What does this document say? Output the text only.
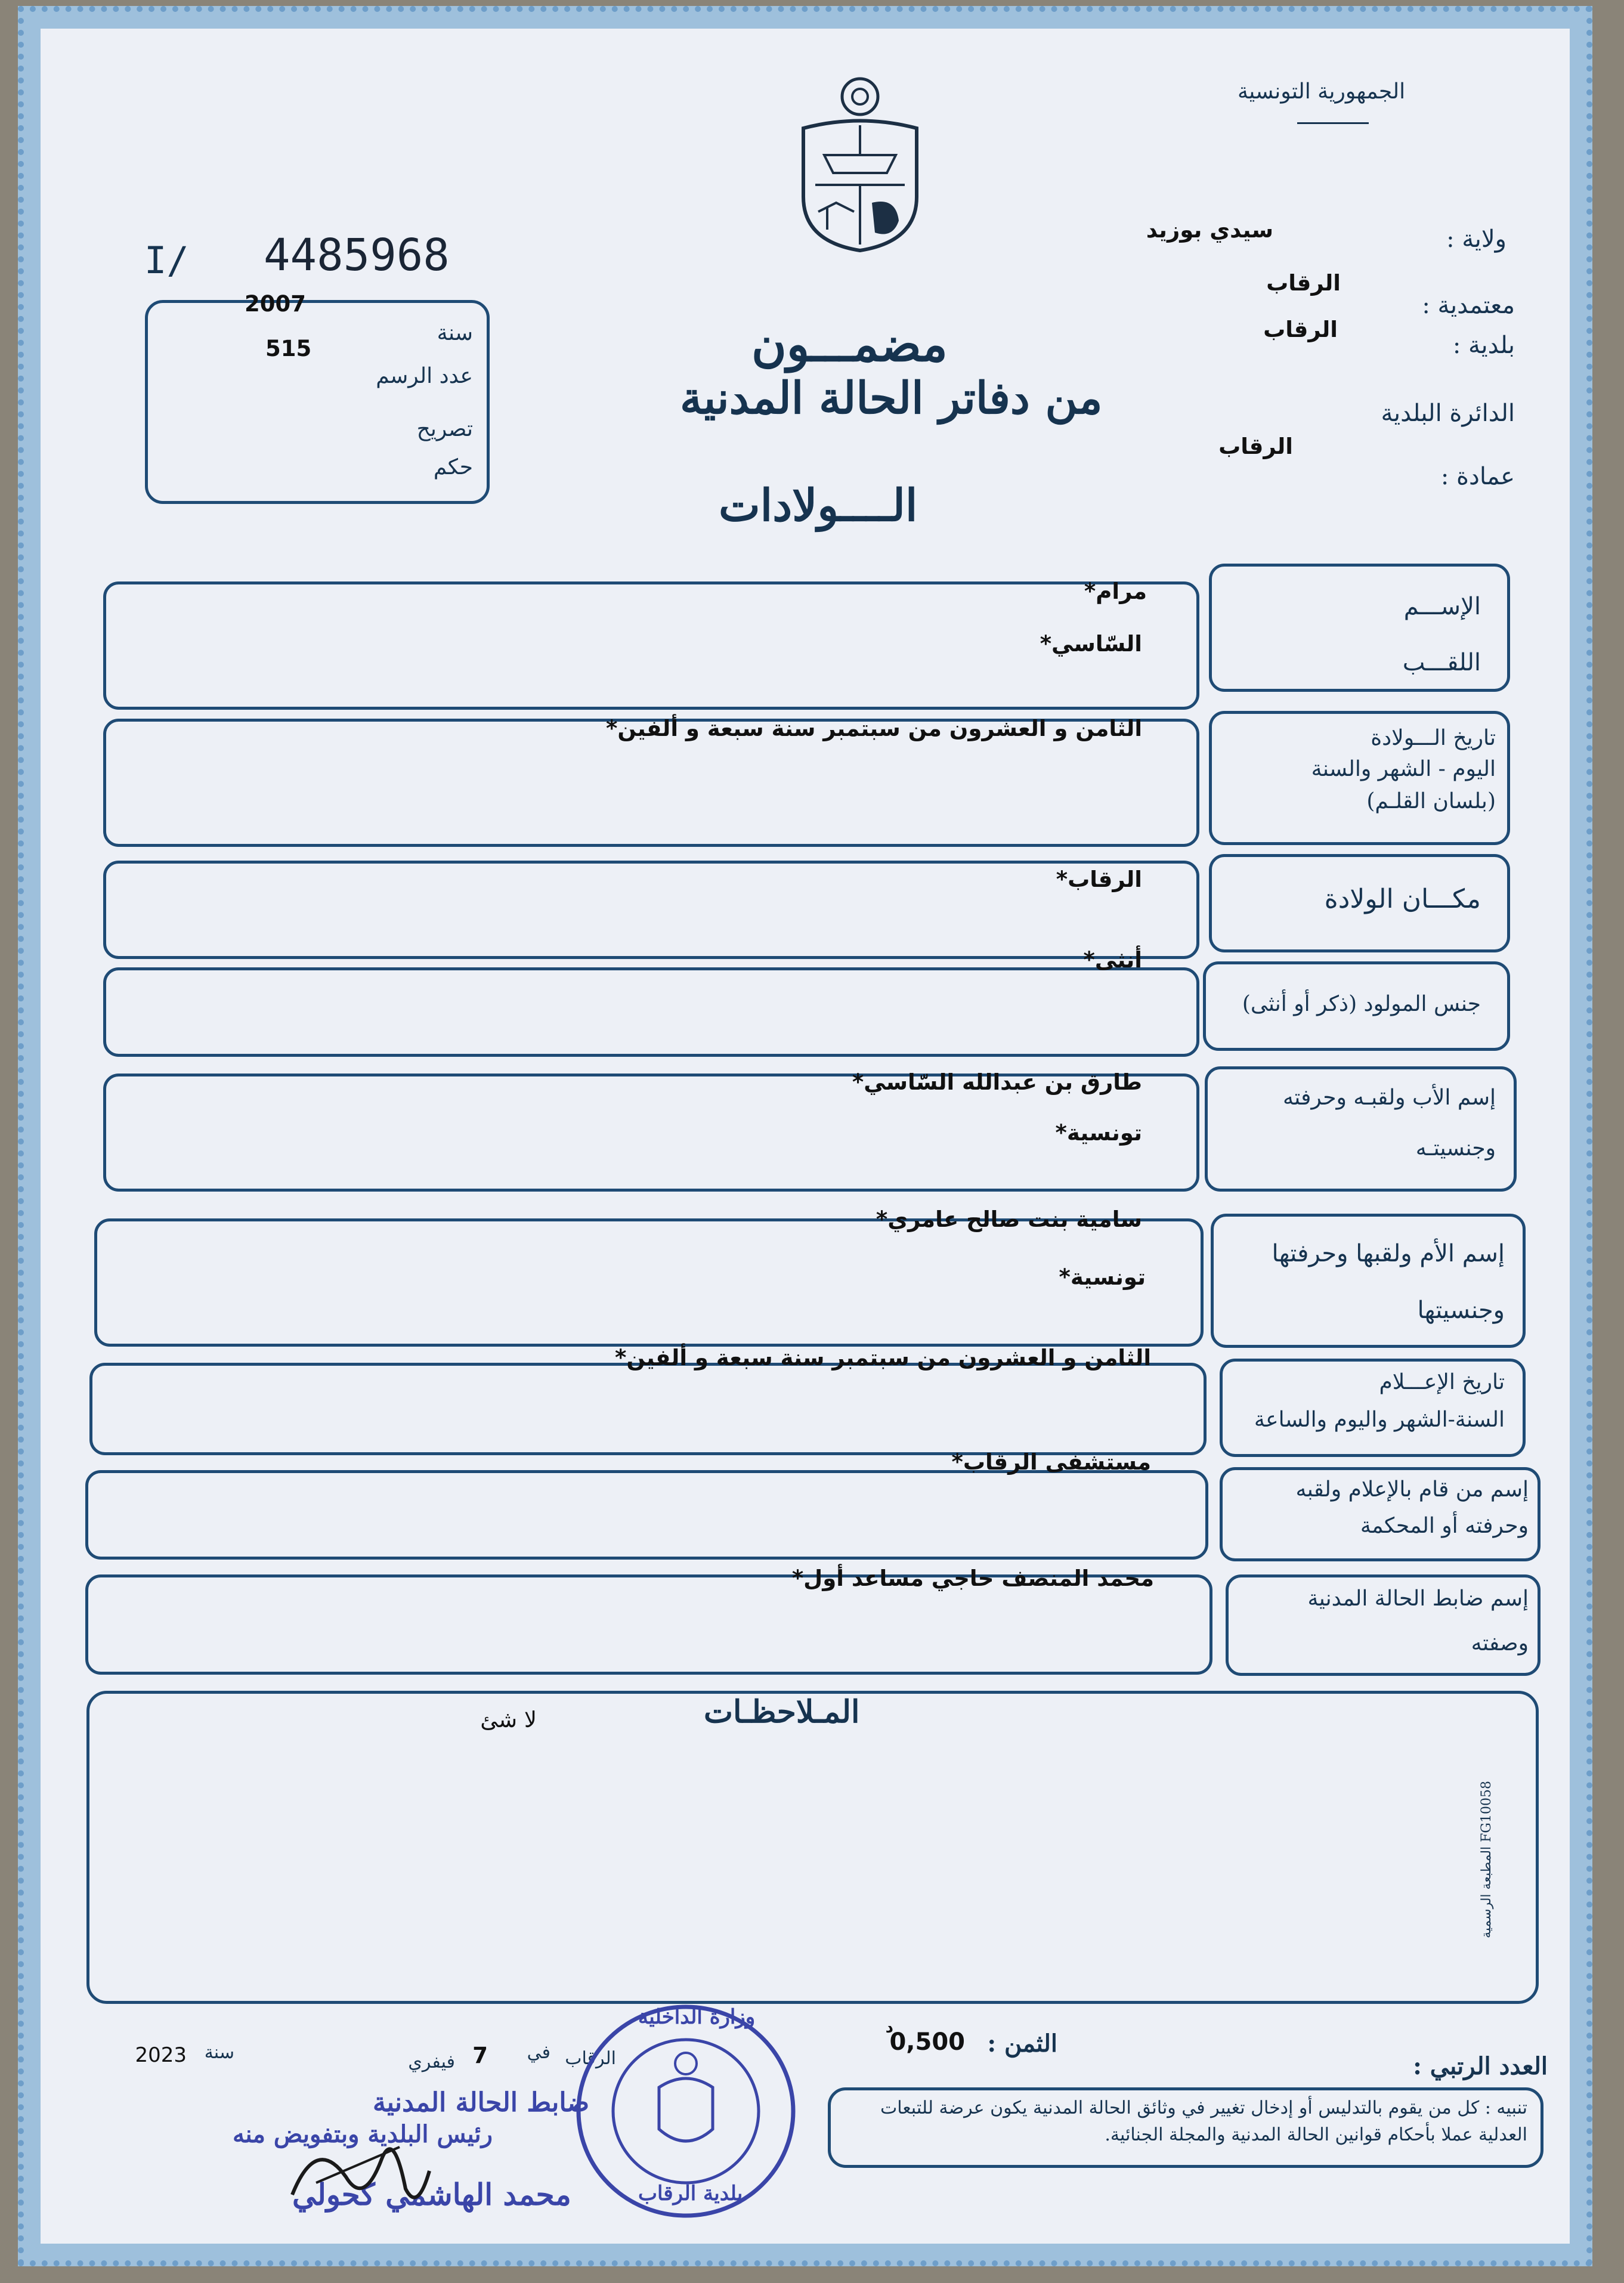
الجمهورية التونسية
I/ 4485968
2007
515
سنة
عدد الرسم
تصريح
حكم
مضمـــون
من دفاتر الحالة المدنية
الــــولادات
ولاية :
سيدي بوزيد
معتمدية :
الرقاب
بلدية :
الرقاب
الدائرة البلدية
الرقاب
عمادة :
الإســـم
اللقـــب
مرام*
السّاسي*
تاريخ الـــولادة
اليوم - الشهر والسنة
(بلسان القلـم)
الثامن و العشرون من سبتمبر سنة سبعة و ألفين*
مكـــان الولادة
الرقاب*
جنس المولود (ذكر أو أنثى)
أنثى*
إسم الأب ولقبـه وحرفته
وجنسيتـه
طارق بن عبدالله السّاسي*
تونسية*
إسم الأم ولقبها وحرفتها
وجنسيتها
سامية بنت صالح عامري*
تونسية*
تاريخ الإعـــلام
السنة-الشهر واليوم والساعة
الثامن و العشرون من سبتمبر سنة سبعة و ألفين*
إسم من قام بالإعلام ولقبه
وحرفته أو المحكمة
مستشفى الرقاب*
إسم ضابط الحالة المدنية
وصفته
محمد المنصف حاجي مساعد أول*
المـلاحظـات
لا شئ
المطبعة الرسمية FG10058
العدد الرتبي :
الثمن :
0,500
د
الرقاب
في
7
فيفري
سنة
2023
ضابط الحالة المدنية
رئيس البلدية وبتفويض منه
محمد الهاشمي كحولي
وزارة الداخلية
بلدية الرقاب
تنبيه : كل من يقوم بالتدليس أو إدخال تغيير في وثائق الحالة المدنية يكون عرضة للتبعات العدلية عملا بأحكام قوانين الحالة المدنية والمجلة الجنائية.
